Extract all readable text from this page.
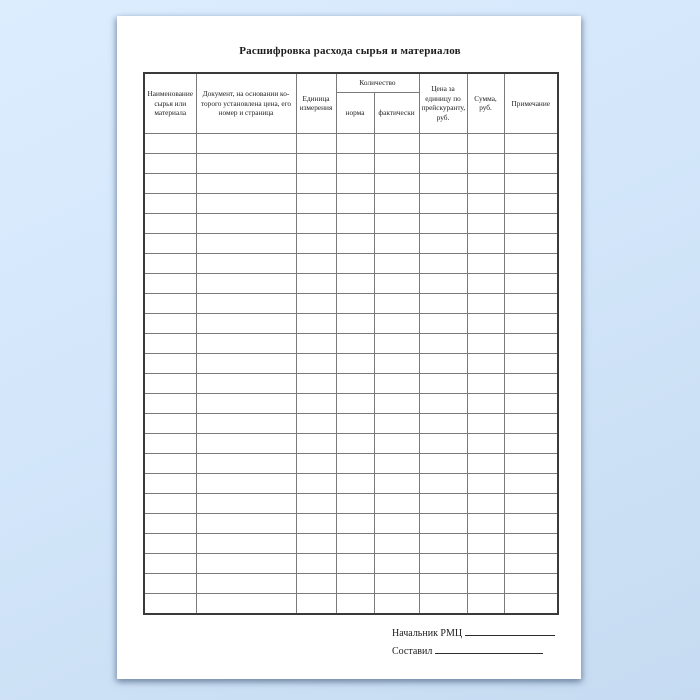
Расшифровка расхода сырья и материалов
Наименование сырья или материала	Документ, на основании ко- торого установлена цена, его номер и страница	Единица измерения	Количество		Цена за единицу по прейскуранту, руб.	Сумма, руб.	Примечание
			норма	фактически			

Начальник РМЦ
Составил
